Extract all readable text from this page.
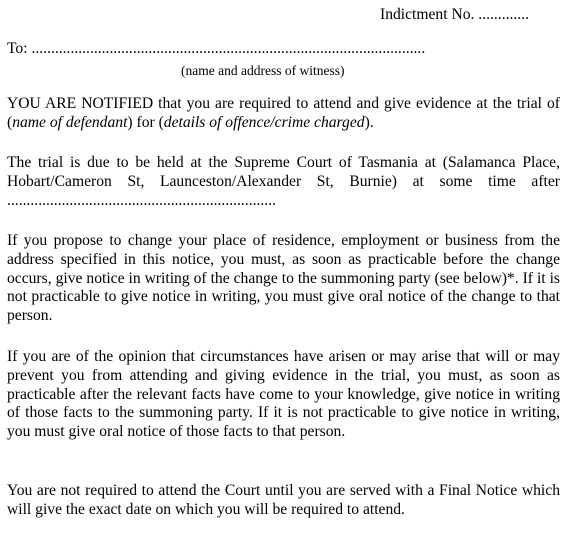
Indictment No. .............
To: .....................................................................................................
(name and address of witness)

YOU ARE NOTIFIED that you are required to attend and give evidence at the trial of (name of defendant) for (details of offence/crime charged).

The trial is due to be held at the Supreme Court of Tasmania at (Salamanca Place, Hobart/Cameron St, Launceston/Alexander St, Burnie) at some time after .....................................................................

If you propose to change your place of residence, employment or business from the address specified in this notice, you must, as soon as practicable before the change occurs, give notice in writing of the change to the summoning party (see below)*. If it is not practicable to give notice in writing, you must give oral notice of the change to that person.

If you are of the opinion that circumstances have arisen or may arise that will or may prevent you from attending and giving evidence in the trial, you must, as soon as practicable after the relevant facts have come to your knowledge, give notice in writing of those facts to the summoning party. If it is not practicable to give notice in writing, you must give oral notice of those facts to that person.

You are not required to attend the Court until you are served with a Final Notice which will give the exact date on which you will be required to attend.
